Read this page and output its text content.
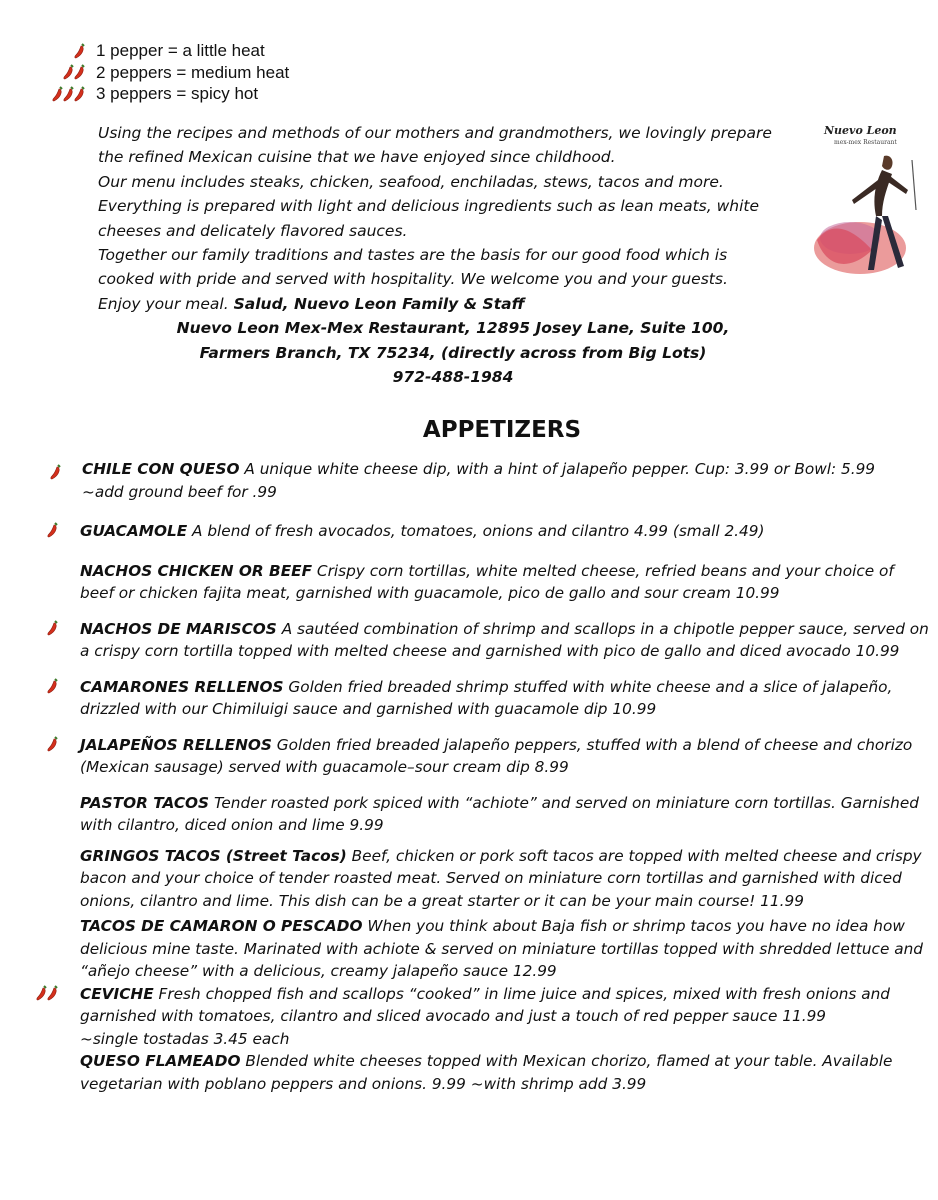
1 pepper = a little heat
2 peppers = medium heat
3 peppers = spicy hot

Using the recipes and methods of our mothers and grandmothers, we lovingly prepare

the refined Mexican cuisine that we have enjoyed since childhood.

Our menu includes steaks, chicken, seafood, enchiladas, stews, tacos and more.

Everything is prepared with light and delicious ingredients such as lean meats, white

cheeses and delicately flavored sauces.

Together our family traditions and tastes are the basis for our good food which is

cooked with pride and served with hospitality. We welcome you and your guests.

Enjoy your meal. Salud, Nuevo Leon Family & Staff

Nuevo Leon Mex-Mex Restaurant, 12895 Josey Lane, Suite 100,

Farmers Branch, TX 75234, (directly across from Big Lots)

972-488-1984

Nuevo Leon
mex-mex Restaurant
APPETIZERS
CHILE CON QUESO A unique white cheese dip, with a hint of jalapeño pepper. Cup: 3.99 or Bowl: 5.99
~add ground beef for .99
GUACAMOLE A blend of fresh avocados, tomatoes, onions and cilantro 4.99 (small 2.49)
NACHOS CHICKEN OR BEEF Crispy corn tortillas, white melted cheese, refried beans and your choice of beef or chicken fajita meat, garnished with guacamole, pico de gallo and sour cream 10.99
NACHOS DE MARISCOS A sautéed combination of shrimp and scallops in a chipotle pepper sauce, served on a crispy corn tortilla topped with melted cheese and garnished with pico de gallo and diced avocado 10.99
CAMARONES RELLENOS Golden fried breaded shrimp stuffed with white cheese and a slice of jalapeño, drizzled with our Chimiluigi sauce and garnished with guacamole dip 10.99
JALAPEÑOS RELLENOS Golden fried breaded jalapeño peppers, stuffed with a blend of cheese and chorizo (Mexican sausage) served with guacamole–sour cream dip 8.99
PASTOR TACOS Tender roasted pork spiced with “achiote” and served on miniature corn tortillas. Garnished with cilantro, diced onion and lime 9.99
GRINGOS TACOS (Street Tacos) Beef, chicken or pork soft tacos are topped with melted cheese and crispy bacon and your choice of tender roasted meat. Served on miniature corn tortillas and garnished with diced onions, cilantro and lime. This dish can be a great starter or it can be your main course! 11.99
TACOS DE CAMARON O PESCADO When you think about Baja fish or shrimp tacos you have no idea how delicious mine taste. Marinated with achiote & served on miniature tortillas topped with shredded lettuce and “añejo cheese” with a delicious, creamy jalapeño sauce 12.99
CEVICHE Fresh chopped fish and scallops “cooked” in lime juice and spices, mixed with fresh onions and garnished with tomatoes, cilantro and sliced avocado and just a touch of red pepper sauce 11.99
~single tostadas 3.45 each
QUESO FLAMEADO Blended white cheeses topped with Mexican chorizo, flamed at your table. Available vegetarian with poblano peppers and onions. 9.99 ~with shrimp add 3.99
